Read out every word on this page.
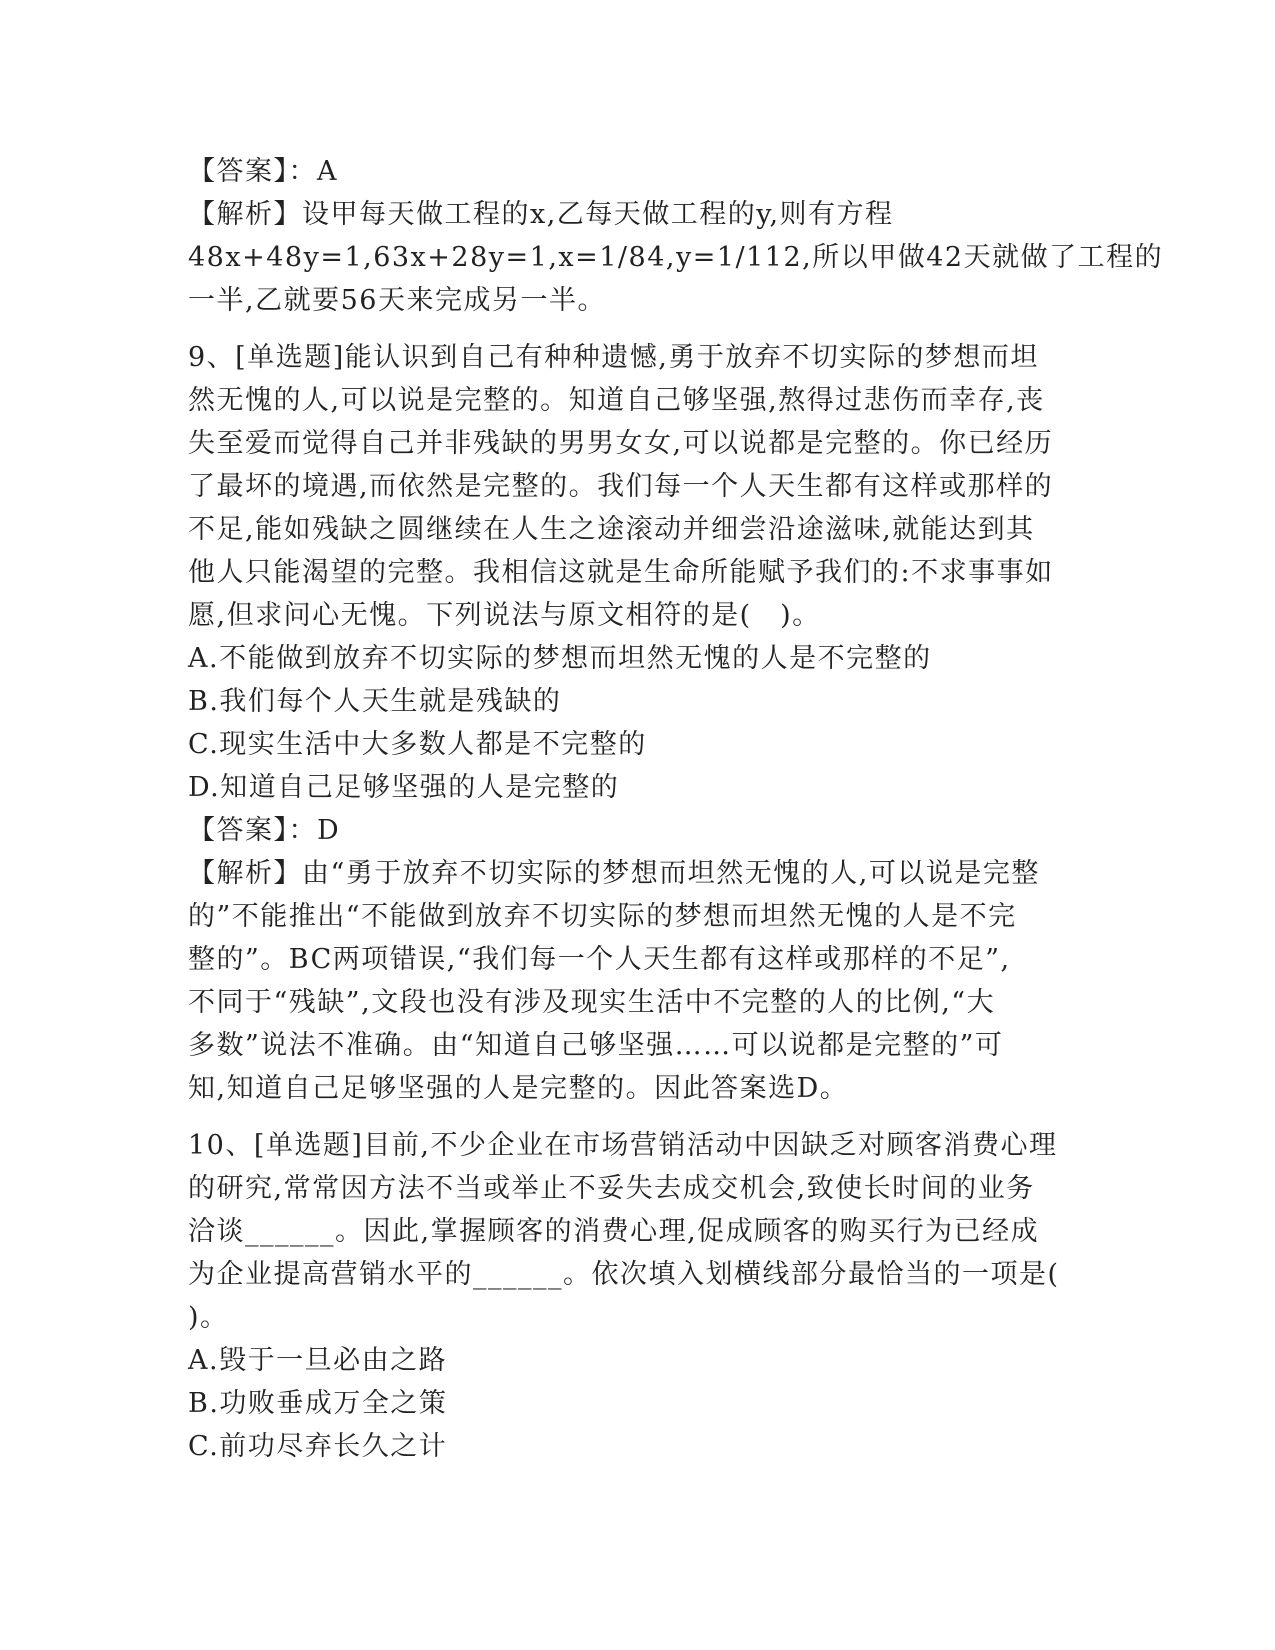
【答案】：A
【解析】设甲每天做工程的x,乙每天做工程的y,则有方程
48x+48y=1,63x+28y=1,x=1/84,y=1/112,所以甲做42天就做了工程的
一半,乙就要56天来完成另一半。
9、[单选题]能认识到自己有种种遗憾,勇于放弃不切实际的梦想而坦
然无愧的人,可以说是完整的。知道自己够坚强,熬得过悲伤而幸存,丧
失至爱而觉得自己并非残缺的男男女女,可以说都是完整的。你已经历
了最坏的境遇,而依然是完整的。我们每一个人天生都有这样或那样的
不足,能如残缺之圆继续在人生之途滚动并细尝沿途滋味,就能达到其
他人只能渴望的完整。我相信这就是生命所能赋予我们的:不求事事如
愿,但求问心无愧。下列说法与原文相符的是(　)。
A.不能做到放弃不切实际的梦想而坦然无愧的人是不完整的
B.我们每个人天生就是残缺的
C.现实生活中大多数人都是不完整的
D.知道自己足够坚强的人是完整的
【答案】：D
【解析】由“勇于放弃不切实际的梦想而坦然无愧的人,可以说是完整
的”不能推出“不能做到放弃不切实际的梦想而坦然无愧的人是不完
整的”。BC两项错误,“我们每一个人天生都有这样或那样的不足”,
不同于“残缺”,文段也没有涉及现实生活中不完整的人的比例,“大
多数”说法不准确。由“知道自己够坚强……可以说都是完整的”可
知,知道自己足够坚强的人是完整的。因此答案选D。
10、[单选题]目前,不少企业在市场营销活动中因缺乏对顾客消费心理
的研究,常常因方法不当或举止不妥失去成交机会,致使长时间的业务
洽谈______。因此,掌握顾客的消费心理,促成顾客的购买行为已经成
为企业提高营销水平的______。依次填入划横线部分最恰当的一项是(
)。
A.毁于一旦必由之路
B.功败垂成万全之策
C.前功尽弃长久之计
